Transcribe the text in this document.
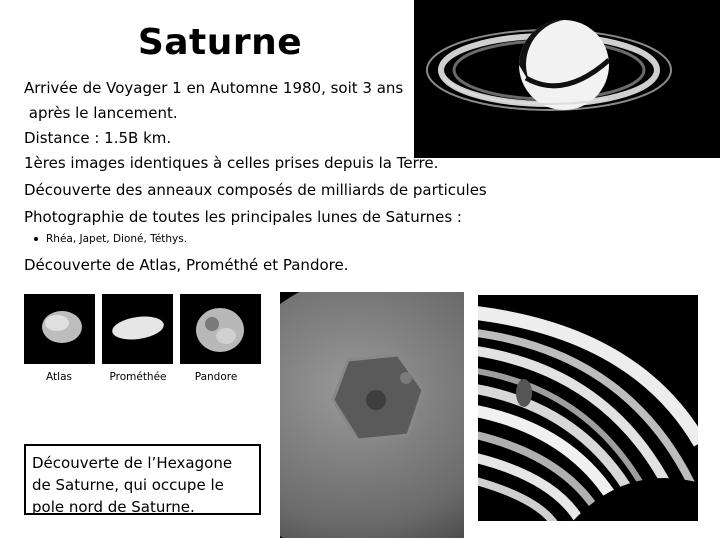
Saturne
Arrivée de Voyager 1 en Automne 1980, soit 3 ans
après le lancement.
Distance : 1.5B km.
1ères images identiques à celles prises depuis la Terre.
Découverte des anneaux composés de milliards de particules
Photographie de toutes les principales lunes de Saturnes :
Rhéa, Japet, Dioné, Téthys.
Découverte de Atlas, Prométhé et Pandore.
Atlas	Prométhée	Pandore
Découverte de l’Hexagone de Saturne, qui occupe le pole nord de Saturne.
